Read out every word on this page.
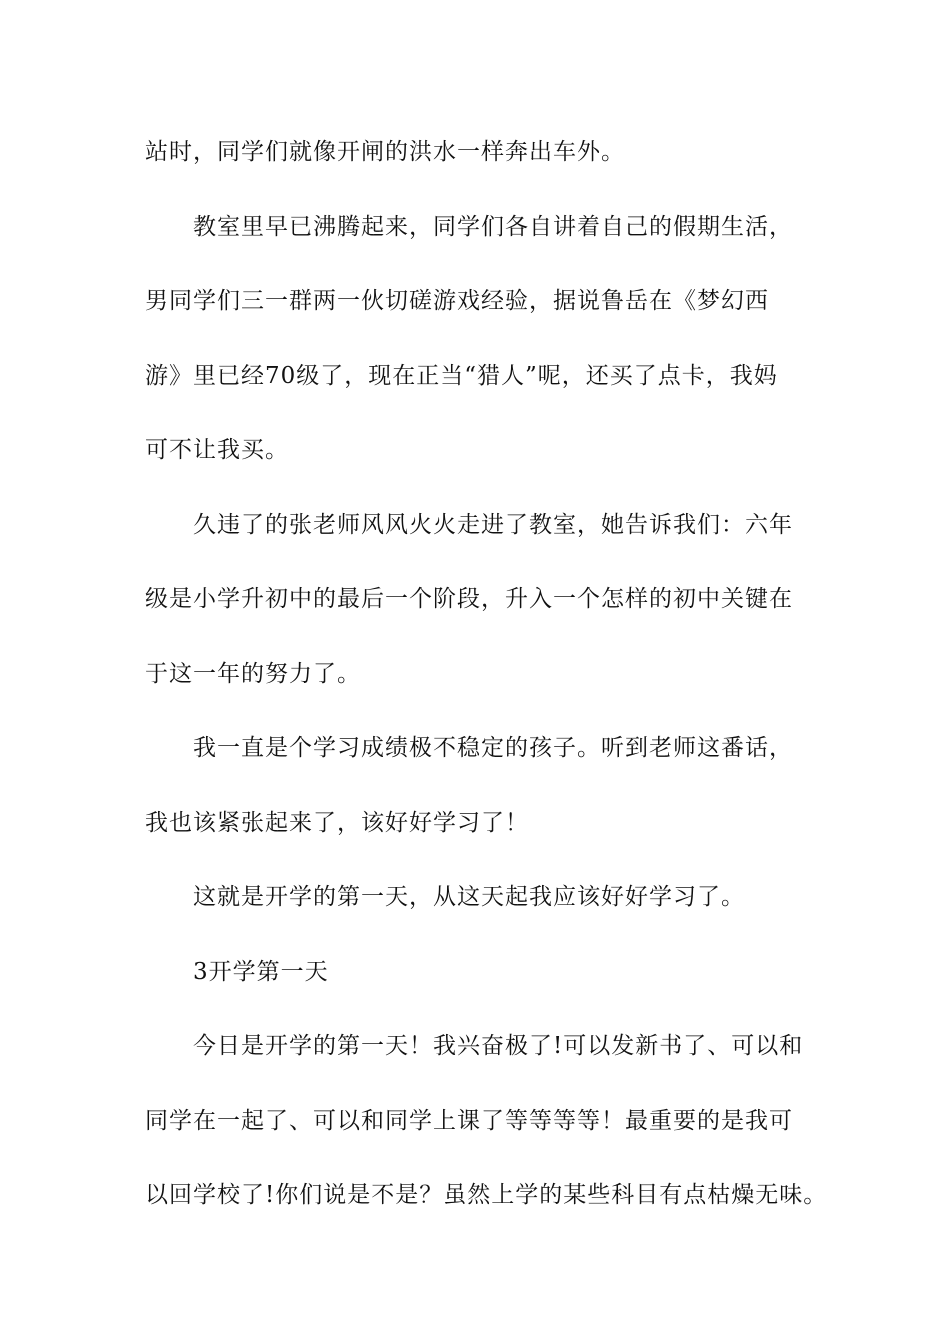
站时，同学们就像开闸的洪水一样奔出车外。
教室里早已沸腾起来，同学们各自讲着自己的假期生活，
男同学们三一群两一伙切磋游戏经验，据说鲁岳在《梦幻西
游》里已经70级了，现在正当“猎人”呢，还买了点卡，我妈
可不让我买。
久违了的张老师风风火火走进了教室，她告诉我们：六年
级是小学升初中的最后一个阶段，升入一个怎样的初中关键在
于这一年的努力了。
我一直是个学习成绩极不稳定的孩子。听到老师这番话，
我也该紧张起来了，该好好学习了！
这就是开学的第一天，从这天起我应该好好学习了。
3开学第一天
今日是开学的第一天！我兴奋极了!可以发新书了、可以和
同学在一起了、可以和同学上课了等等等等！最重要的是我可
以回学校了!你们说是不是？虽然上学的某些科目有点枯燥无味。
